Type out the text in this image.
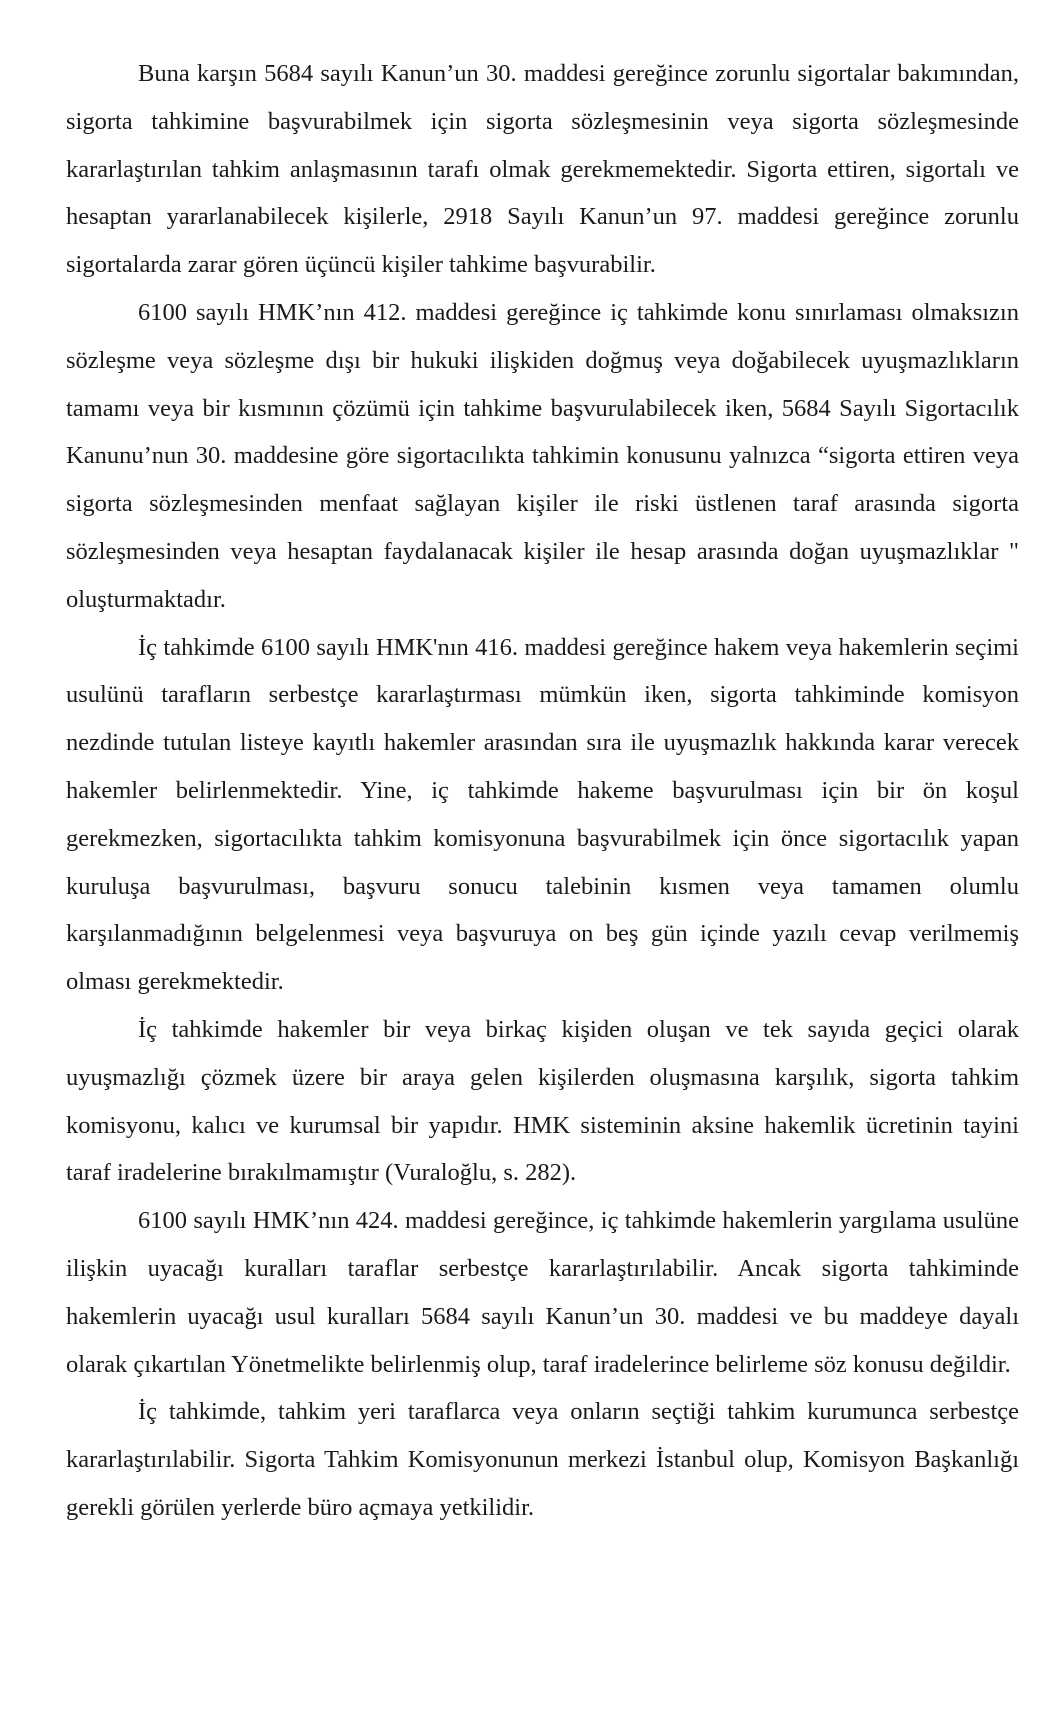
Buna karşın 5684 sayılı Kanun’un 30. maddesi gereğince zorunlu sigortalar bakımından, sigorta tahkimine başvurabilmek için sigorta sözleşmesinin veya sigorta sözleşmesinde kararlaştırılan tahkim anlaşmasının tarafı olmak gerekmemektedir. Sigorta ettiren, sigortalı ve hesaptan yararlanabilecek kişilerle, 2918 Sayılı Kanun’un 97. maddesi gereğince zorunlu sigortalarda zarar gören üçüncü kişiler tahkime başvurabilir.

6100 sayılı HMK’nın 412. maddesi gereğince iç tahkimde konu sınırlaması olmaksızın sözleşme veya sözleşme dışı bir hukuki ilişkiden doğmuş veya doğabilecek uyuşmazlıkların tamamı veya bir kısmının çözümü için tahkime başvurulabilecek iken, 5684 Sayılı Sigortacılık Kanunu’nun 30. maddesine göre sigortacılıkta tahkimin konusunu yalnızca “sigorta ettiren veya sigorta sözleşmesinden menfaat sağlayan kişiler ile riski üstlenen taraf arasında sigorta sözleşmesinden veya hesaptan faydalanacak kişiler ile hesap arasında doğan uyuşmazlıklar " oluşturmaktadır.

İç tahkimde 6100 sayılı HMK'nın 416. maddesi gereğince hakem veya hakemlerin seçimi usulünü tarafların serbestçe kararlaştırması mümkün iken, sigorta tahkiminde komisyon nezdinde tutulan listeye kayıtlı hakemler arasından sıra ile uyuşmazlık hakkında karar verecek hakemler belirlenmektedir. Yine, iç tahkimde hakeme başvurulması için bir ön koşul gerekmezken, sigortacılıkta tahkim komisyonuna başvurabilmek için önce sigortacılık yapan kuruluşa başvurulması, başvuru sonucu talebinin kısmen veya tamamen olumlu karşılanmadığının belgelenmesi veya başvuruya on beş gün içinde yazılı cevap verilmemiş olması gerekmektedir.

İç tahkimde hakemler bir veya birkaç kişiden oluşan ve tek sayıda geçici olarak uyuşmazlığı çözmek üzere bir araya gelen kişilerden oluşmasına karşılık, sigorta tahkim komisyonu, kalıcı ve kurumsal bir yapıdır. HMK sisteminin aksine hakemlik ücretinin tayini taraf iradelerine bırakılmamıştır (Vuraloğlu, s. 282).

6100 sayılı HMK’nın 424. maddesi gereğince, iç tahkimde hakemlerin yargılama usulüne ilişkin uyacağı kuralları taraflar serbestçe kararlaştırılabilir. Ancak sigorta tahkiminde hakemlerin uyacağı usul kuralları 5684 sayılı Kanun’un 30. maddesi ve bu maddeye dayalı olarak çıkartılan Yönetmelikte belirlenmiş olup, taraf iradelerince belirleme söz konusu değildir.

İç tahkimde, tahkim yeri taraflarca veya onların seçtiği tahkim kurumunca serbestçe kararlaştırılabilir. Sigorta Tahkim Komisyonunun merkezi İstanbul olup, Komisyon Başkanlığı gerekli görülen yerlerde büro açmaya yetkilidir.
